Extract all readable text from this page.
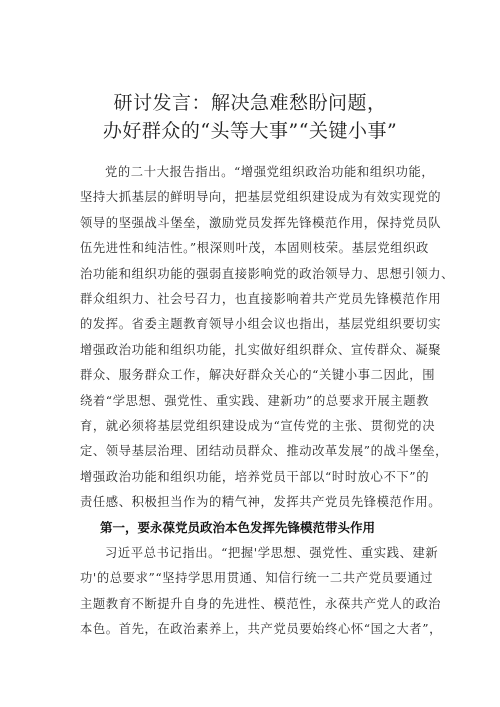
研讨发言：解决急难愁盼问题，
办好群众的“头等大事”“关键小事”
党的二十大报告指出。“增强党组织政治功能和组织功能，
坚持大抓基层的鲜明导向，把基层党组织建设成为有效实现党的
领导的坚强战斗堡垒，激励党员发挥先锋模范作用，保持党员队
伍先进性和纯洁性。”根深则叶茂，本固则枝荣。基层党组织政
治功能和组织功能的强弱直接影响党的政治领导力、思想引领力、
群众组织力、社会号召力，也直接影响着共产党员先锋模范作用
的发挥。省委主题教育领导小组会议也指出，基层党组织要切实
增强政治功能和组织功能，扎实做好组织群众、宣传群众、凝聚
群众、服务群众工作，解决好群众关心的“关键小事二因此，围
绕着“学思想、强党性、重实践、建新功”的总要求开展主题教
育，就必须将基层党组织建设成为“宣传党的主张、贯彻党的决
定、领导基层治理、团结动员群众、推动改革发展”的战斗堡垒，
增强政治功能和组织功能，培养党员干部以“时时放心不下”的
责任感、积极担当作为的精气神，发挥共产党员先锋模范作用。
第一，要永葆党员政治本色发挥先锋模范带头作用
习近平总书记指出。“把握'学思想、强党性、重实践、建新
功'的总要求”“坚持学思用贯通、知信行统一二共产党员要通过
主题教育不断提升自身的先进性、模范性，永葆共产党人的政治
本色。首先，在政治素养上，共产党员要始终心怀“国之大者”，
